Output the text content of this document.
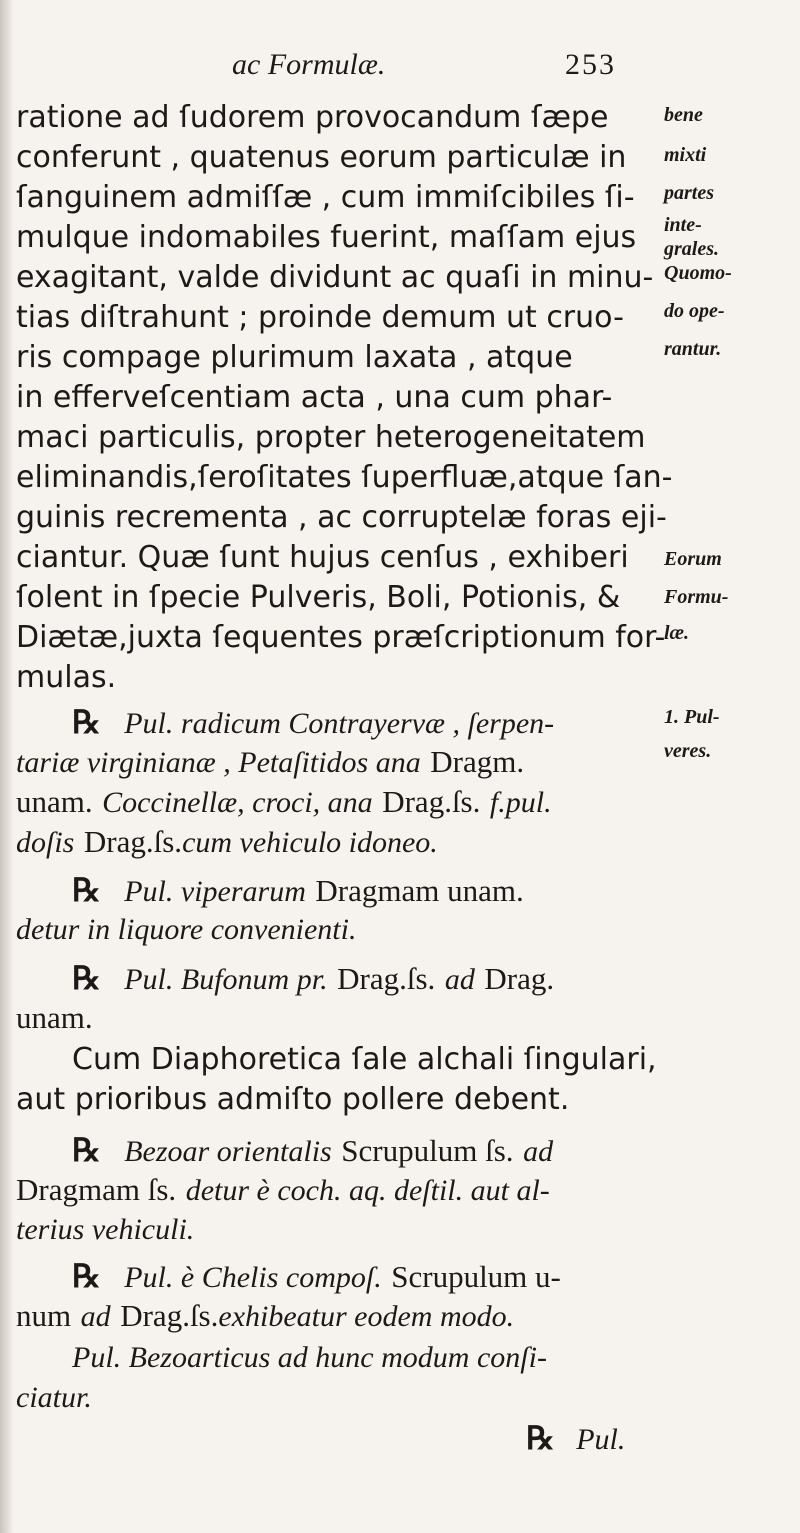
ac Formulæ.	253
ratione ad ſudorem provocandum ſæpe
conferunt , quatenus eorum particulæ in
ſanguinem admiſſæ , cum immiſcibiles ſi-
mulque indomabiles fuerint, maſſam ejus
exagitant, valde dividunt ac quaſi in minu-
tias diſtrahunt ; proinde demum ut cruo-
ris compage plurimum laxata , atque
in efferveſcentiam acta , una cum phar-
maci particulis, propter heterogeneitatem
eliminandis,ſeroſitates ſuperfluæ,atque ſan-
guinis recrementa , ac corruptelæ foras eji-
ciantur. Quæ ſunt hujus cenſus , exhiberi
ſolent in ſpecie Pulveris, Boli, Potionis, &
Diætæ,juxta ſequentes præſcriptionum for-
mulas.
bene
mixti
partes
inte-
grales.
Quomo-
do ope-
rantur.
Eorum
Formu-
læ.
1. Pul-
veres.
℞ Pul. radicum Contrayervæ , ſerpen-
tariæ virginianæ , Petaſitidos ana Dragm.
unam. Coccinellæ, croci, ana Drag.ſs. f.pul.
doſis Drag.ſs.cum vehiculo idoneo.
℞ Pul. viperarum Dragmam unam.
detur in liquore convenienti.
℞ Pul. Bufonum pr. Drag.ſs. ad Drag.
unam.
Cum Diaphoretica ſale alchali ſingulari,
aut prioribus admiſto pollere debent.
℞ Bezoar orientalis Scrupulum ſs. ad
Dragmam ſs. detur è coch. aq. deſtil. aut al-
terius vehiculi.
℞ Pul. è Chelis compoſ. Scrupulum u-
num ad Drag.ſs.exhibeatur eodem modo.
Pul. Bezoarticus ad hunc modum conſi-
ciatur.
℞ Pul.
